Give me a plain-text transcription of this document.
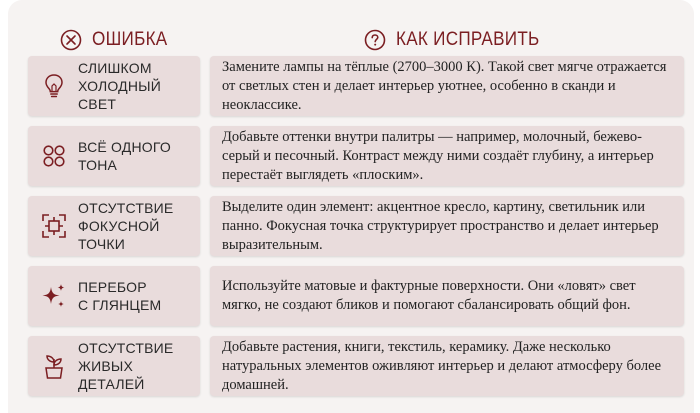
ОШИБКА	КАК ИСПРАВИТЬ
СЛИШКОМ
ХОЛОДНЫЙ СВЕТ
Замените лампы на тёплые (2700–3000 К). Такой свет мягче отражается от светлых стен и делает интерьер уютнее, особенно в сканди и неоклассике.
ВСЁ ОДНОГО
ТОНА
Добавьте оттенки внутри палитры — например, молочный, бежево-серый и песочный. Контраст между ними создаёт глубину, а интерьер перестаёт выглядеть «плоским».
ОТСУТСТВИЕ
ФОКУСНОЙ ТОЧКИ
Выделите один элемент: акцентное кресло, картину, светильник или панно. Фокусная точка структурирует пространство и делает интерьер выразительным.
ПЕРЕБОР
С ГЛЯНЦЕМ
Используйте матовые и фактурные поверхности. Они «ловят» свет мягко, не создают бликов и помогают сбалансировать общий фон.
ОТСУТСТВИЕ
ЖИВЫХ ДЕТАЛЕЙ
Добавьте растения, книги, текстиль, керамику. Даже несколько натуральных элементов оживляют интерьер и делают атмосферу более домашней.
